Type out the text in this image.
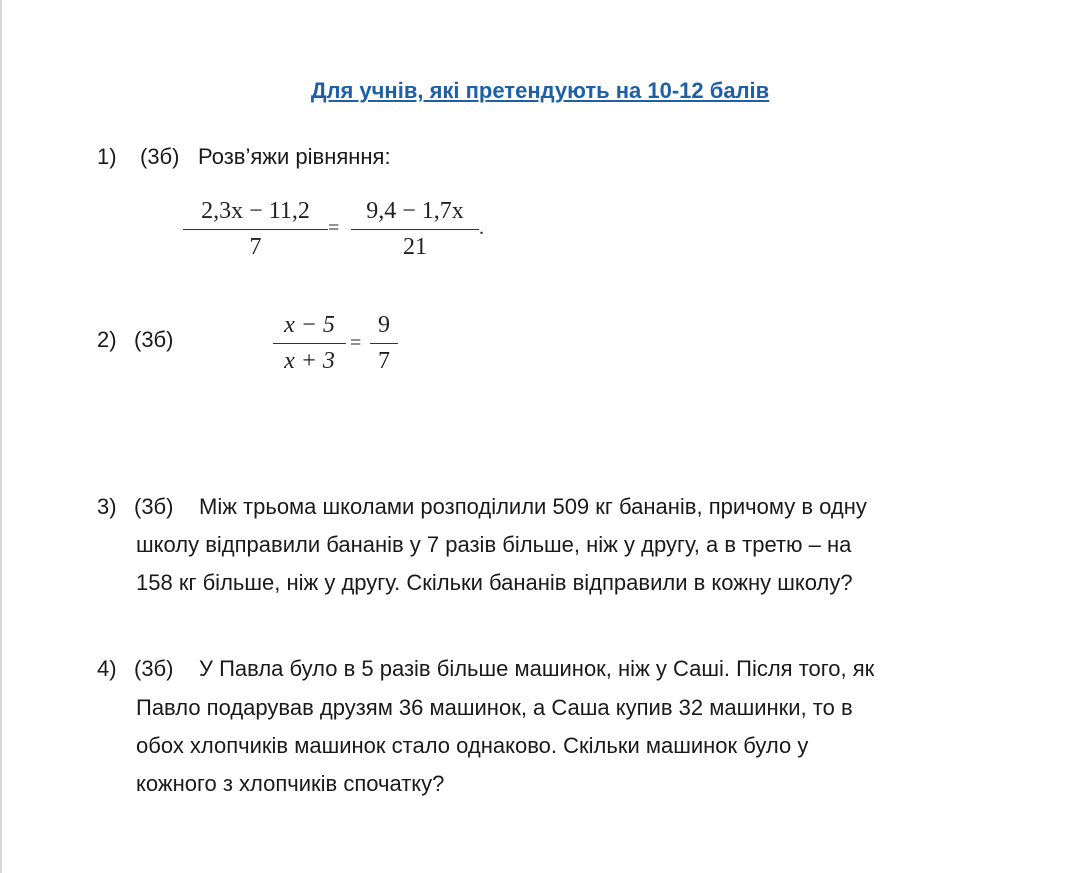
Для учнів, які претендують на 10-12 балів
1) (3б) Розв’яжи рівняння:
$\frac{2,3x - 11,2}{7} = \frac{9,4 - 1,7x}{21}$ .
2) (3б)	$\frac{x - 5}{x + 3} = \frac{9}{7}$
3) (3б) Між трьома школами розподілили 509 кг бананів, причому в одну
школу відправили бананів у 7 разів більше, ніж у другу, а в третю – на
158 кг більше, ніж у другу. Скільки бананів відправили в кожну школу?
4) (3б) У Павла було в 5 разів більше машинок, ніж у Саші. Після того, як
Павло подарував друзям 36 машинок, а Саша купив 32 машинки, то в
обох хлопчиків машинок стало однаково. Скільки машинок було у
кожного з хлопчиків спочатку?
